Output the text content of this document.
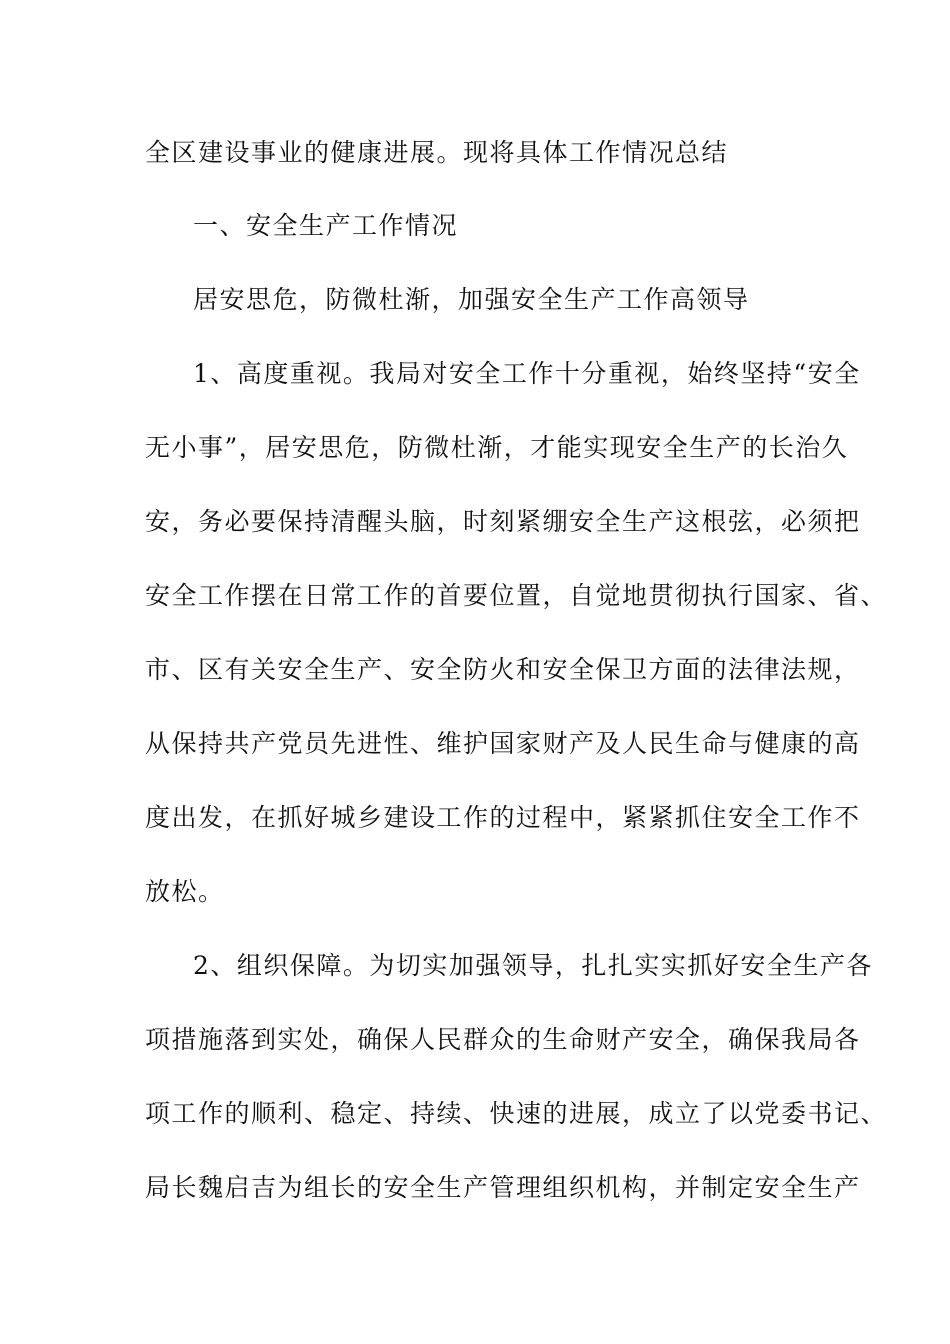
全区建设事业的健康进展。现将具体工作情况总结

一、安全生产工作情况

居安思危，防微杜渐，加强安全生产工作高领导

1、高度重视。我局对安全工作十分重视，始终坚持“安全

无小事”，居安思危，防微杜渐，才能实现安全生产的长治久

安，务必要保持清醒头脑，时刻紧绷安全生产这根弦，必须把

安全工作摆在日常工作的首要位置，自觉地贯彻执行国家、省、

市、区有关安全生产、安全防火和安全保卫方面的法律法规，

从保持共产党员先进性、维护国家财产及人民生命与健康的高

度出发，在抓好城乡建设工作的过程中，紧紧抓住安全工作不

放松。

2、组织保障。为切实加强领导，扎扎实实抓好安全生产各

项措施落到实处，确保人民群众的生命财产安全，确保我局各

项工作的顺利、稳定、持续、快速的进展，成立了以党委书记、

局长魏启吉为组长的安全生产管理组织机构，并制定安全生产
